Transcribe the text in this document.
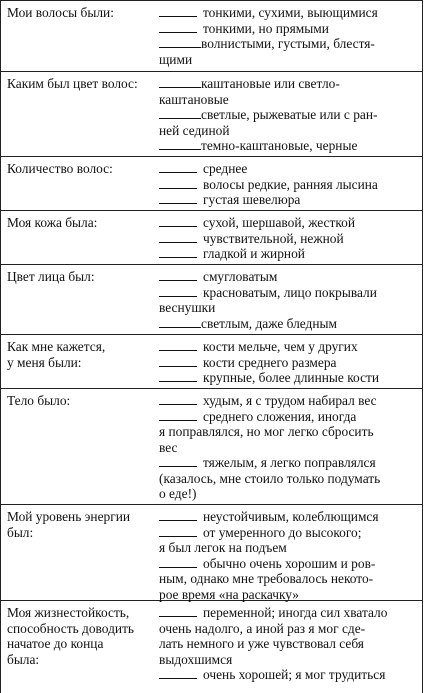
Мои волосы были:	тонкими, сухими, выющимися
тонкими, но прямыми
волнистыми, густыми, блестя-
щими
Каким был цвет волос:	каштановые или светло-
каштановые
светлые, рыжеватые или с ран-
ней сединой
темно-каштановые, черные
Количество волос:	среднее
волосы редкие, ранняя лысина
густая шевелюра
Моя кожа была:	сухой, шершавой, жесткой
чувствительной, нежной
гладкой и жирной
Цвет лица был:	смугловатым
красноватым, лицо покрывали
веснушки
светлым, даже бледным
Как мне кажется,
у меня были:
кости мельче, чем у других
кости среднего размера
крупные, более длинные кости
Тело было:	худым, я с трудом набирал вес
среднего сложения, иногда
я поправлялся, но мог легко сбросить
вес
тяжелым, я легко поправлялся
(казалось, мне стоило только подумать
о еде!)
Мой уровень энергии
был:
неустойчивым, колеблющимся
от умеренного до высокого;
я был легок на подъем
обычно очень хорошим и ров-
ным, однако мне требовалось некото-
рое время «на раскачку»
Моя жизнестойкость,
способность доводить
начатое до конца
была:
переменной; иногда сил хватало
очень надолго, а иной раз я мог сде-
лать немного и уже чувствовал себя
выдохшимся
очень хорошей; я мог трудиться
